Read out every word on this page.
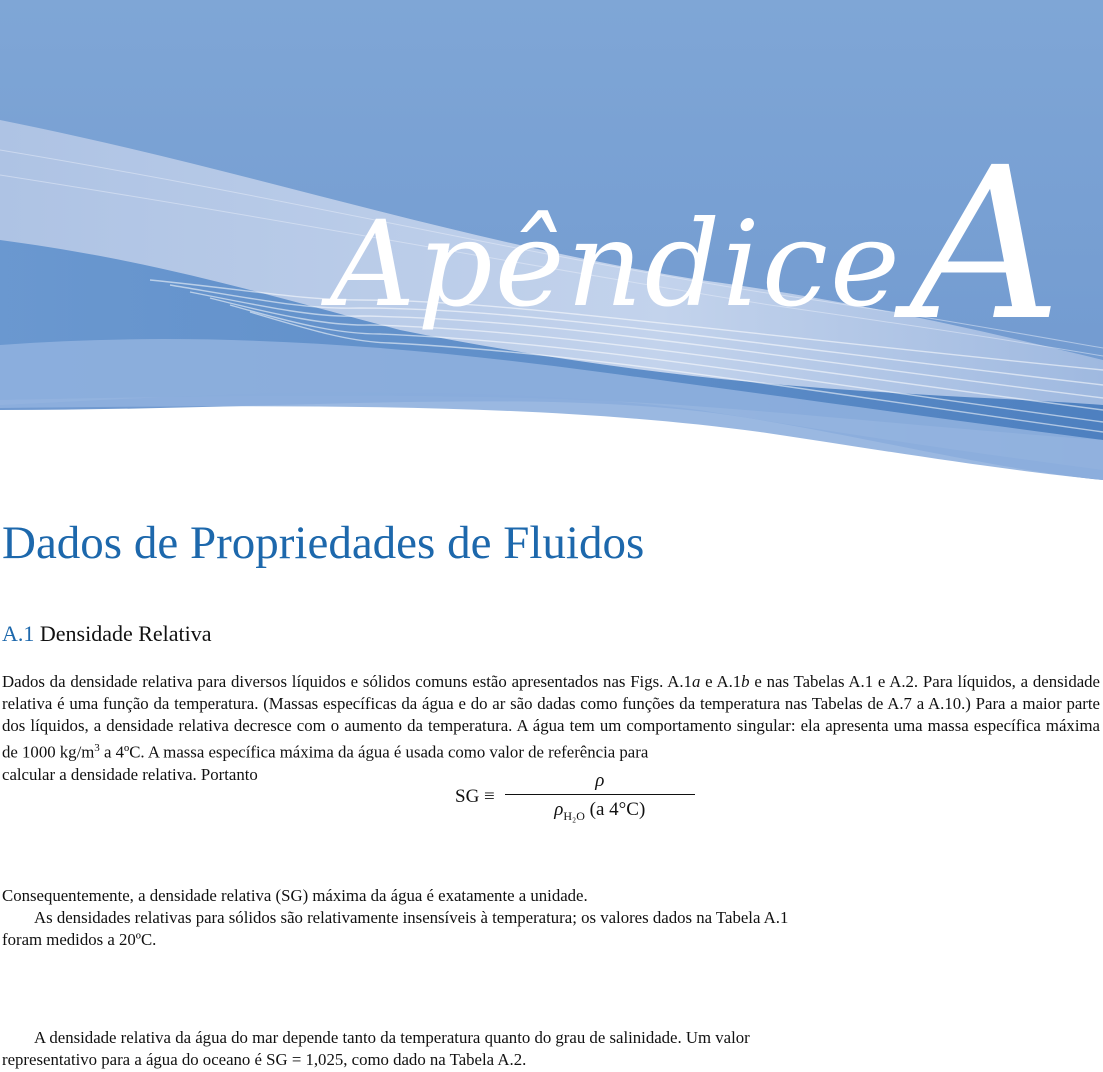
ApêndiceA
Dados de Propriedades de Fluidos
A.1 Densidade Relativa

Dados da densidade relativa para diversos líquidos e sólidos comuns estão apresentados nas Figs. A.1a e A.1b e nas Tabelas A.1 e A.2. Para líquidos, a densidade relativa é uma função da temperatura. (Massas específicas da água e do ar são dadas como funções da temperatura nas Tabelas de A.7 a A.10.) Para a maior parte dos líquidos, a densidade relativa decresce com o aumento da temperatura. A água tem um comportamento singular: ela apresenta uma massa específica máxima de 1000 $kg/m^3$ a 4ºC. A massa específica máxima da água é usada como valor de referência para
calcular a densidade relativa. Portanto

SG ≡ $\frac{\rho}{\rho_{H_2O} (a 4^\circ C)}$

Consequentemente, a densidade relativa (SG) máxima da água é exatamente a unidade.

As densidades relativas para sólidos são relativamente insensíveis à temperatura; os valores dados na Tabela A.1
foram medidos a 20ºC.

A densidade relativa da água do mar depende tanto da temperatura quanto do grau de salinidade. Um valor
representativo para a água do oceano é SG = 1,025, como dado na Tabela A.2.
